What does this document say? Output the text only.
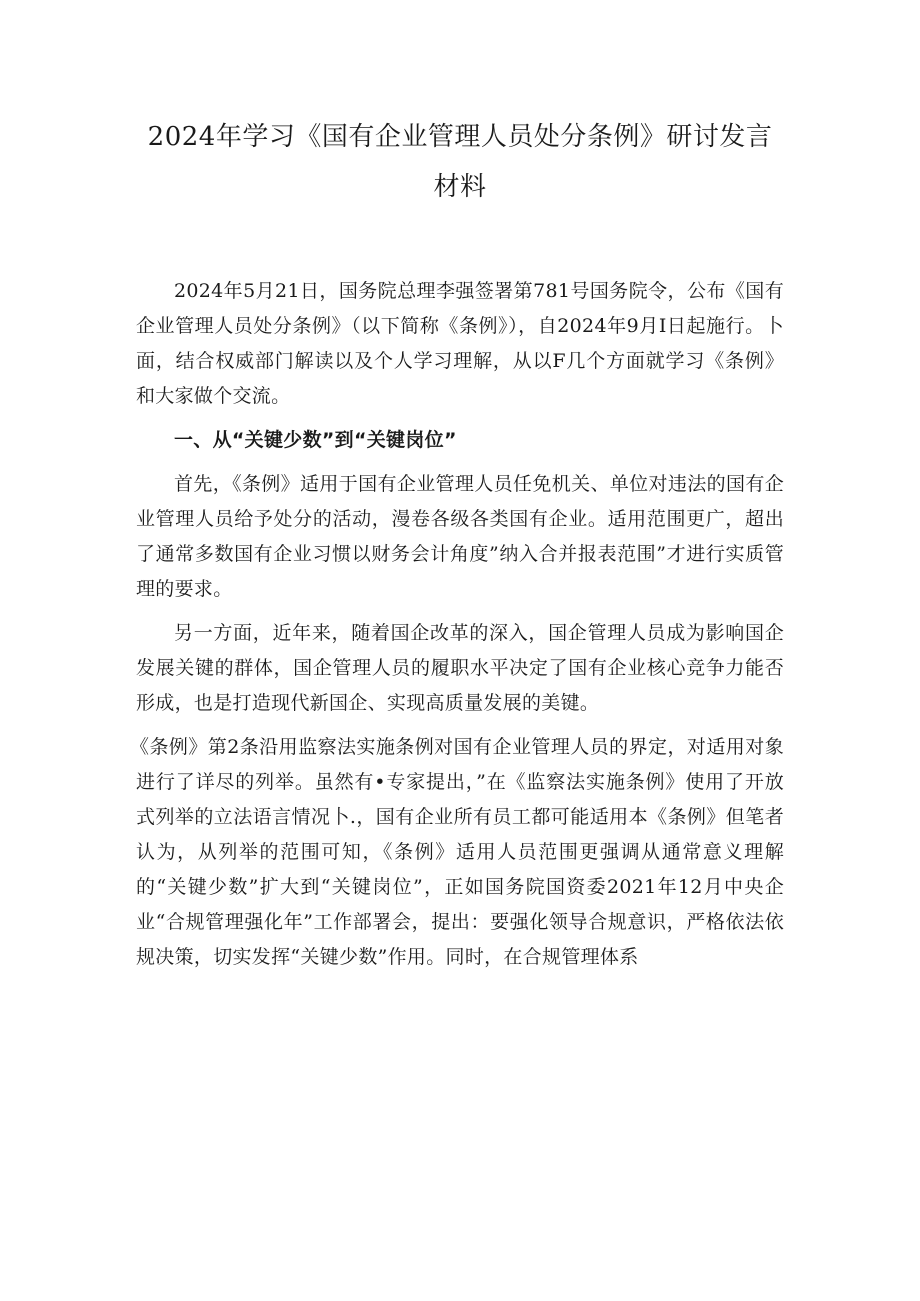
2024年学习《国有企业管理人员处分条例》研讨发言材料

2024年5月21日，国务院总理李强签署第781号国务院令，公布《国有企业管理人员处分条例》（以下简称《条例》），自2024年9月I日起施行。卜面，结合权威部门解读以及个人学习理解，从以F几个方面就学习《条例》和大家做个交流。

一、从“关键少数”到“关键岗位”

首先，《条例》适用于国有企业管理人员任免机关、单位对违法的国有企业管理人员给予处分的活动，漫卷各级各类国有企业。适用范围更广，超出了通常多数国有企业习惯以财务会计角度”纳入合并报表范围”才进行实质管理的要求。

另一方面，近年来，随着国企改革的深入，国企管理人员成为影响国企发展关键的群体，国企管理人员的履职水平决定了国有企业核心竞争力能否形成，也是打造现代新国企、实现高质量发展的美键。

《条例》第2条沿用监察法实施条例对国有企业管理人员的界定，对适用对象进行了详尽的列举。虽然有•专家提出，”在《监察法实施条例》使用了开放式列举的立法语言情况卜.，国有企业所有员工都可能适用本《条例》但笔者认为，从列举的范围可知，《条例》适用人员范围更强调从通常意义理解的“关键少数”扩大到“关键岗位”，正如国务院国资委2021年12月中央企业“合规管理强化年”工作部署会，提出：要强化领导合规意识，严格依法依规决策，切实发挥“关键少数”作用。同时，在合规管理体系
